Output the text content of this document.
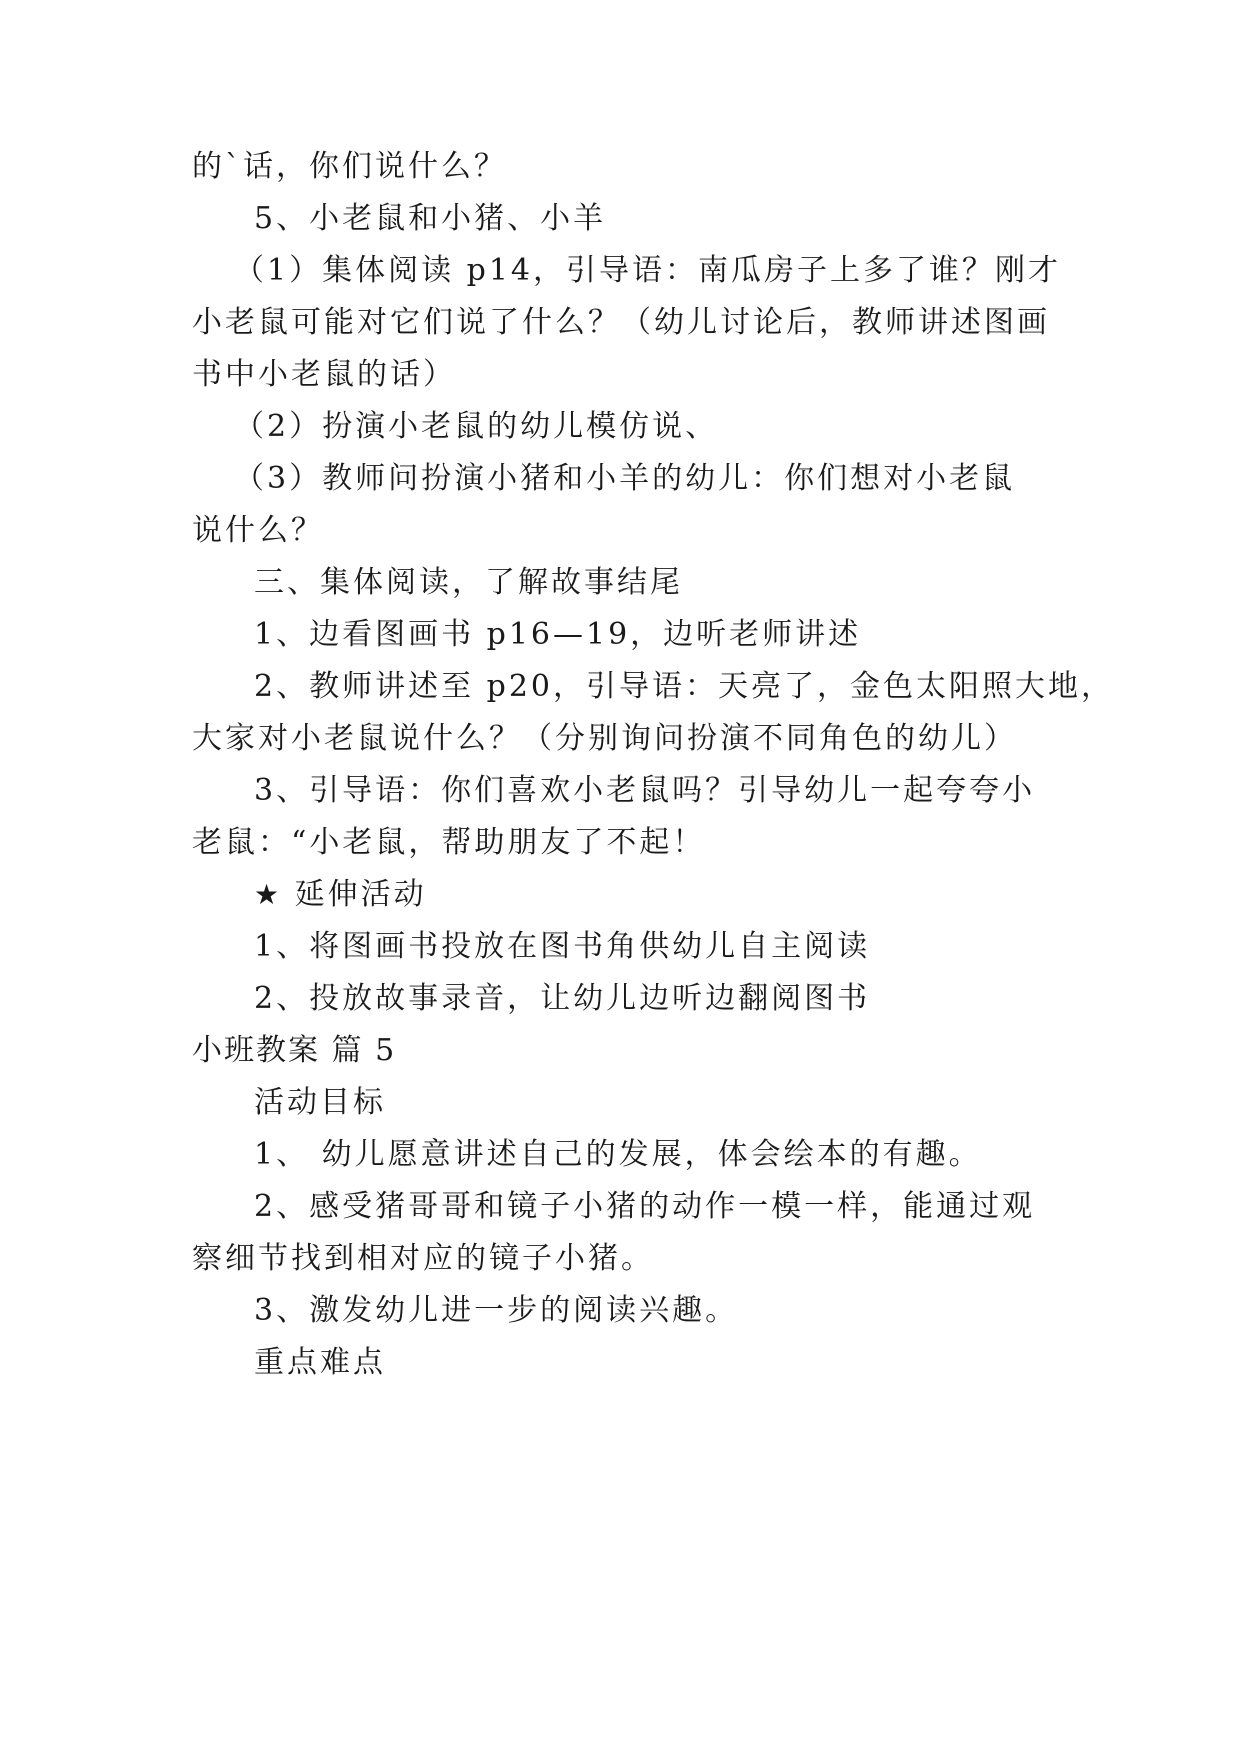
的`话，你们说什么？
5、小老鼠和小猪、小羊
（1）集体阅读 p14，引导语：南瓜房子上多了谁？刚才
小老鼠可能对它们说了什么？（幼儿讨论后，教师讲述图画
书中小老鼠的话）
（2）扮演小老鼠的幼儿模仿说、
（3）教师问扮演小猪和小羊的幼儿：你们想对小老鼠
说什么？
三、集体阅读，了解故事结尾
1、边看图画书 p16—19，边听老师讲述
2、教师讲述至 p20，引导语：天亮了，金色太阳照大地，
大家对小老鼠说什么？（分别询问扮演不同角色的幼儿）
3、引导语：你们喜欢小老鼠吗？引导幼儿一起夸夸小
老鼠：“小老鼠，帮助朋友了不起！
★ 延伸活动
1、将图画书投放在图书角供幼儿自主阅读
2、投放故事录音，让幼儿边听边翻阅图书
小班教案 篇 5
活动目标
1、 幼儿愿意讲述自己的发展，体会绘本的有趣。
2、感受猪哥哥和镜子小猪的动作一模一样，能通过观
察细节找到相对应的镜子小猪。
3、激发幼儿进一步的阅读兴趣。
重点难点
